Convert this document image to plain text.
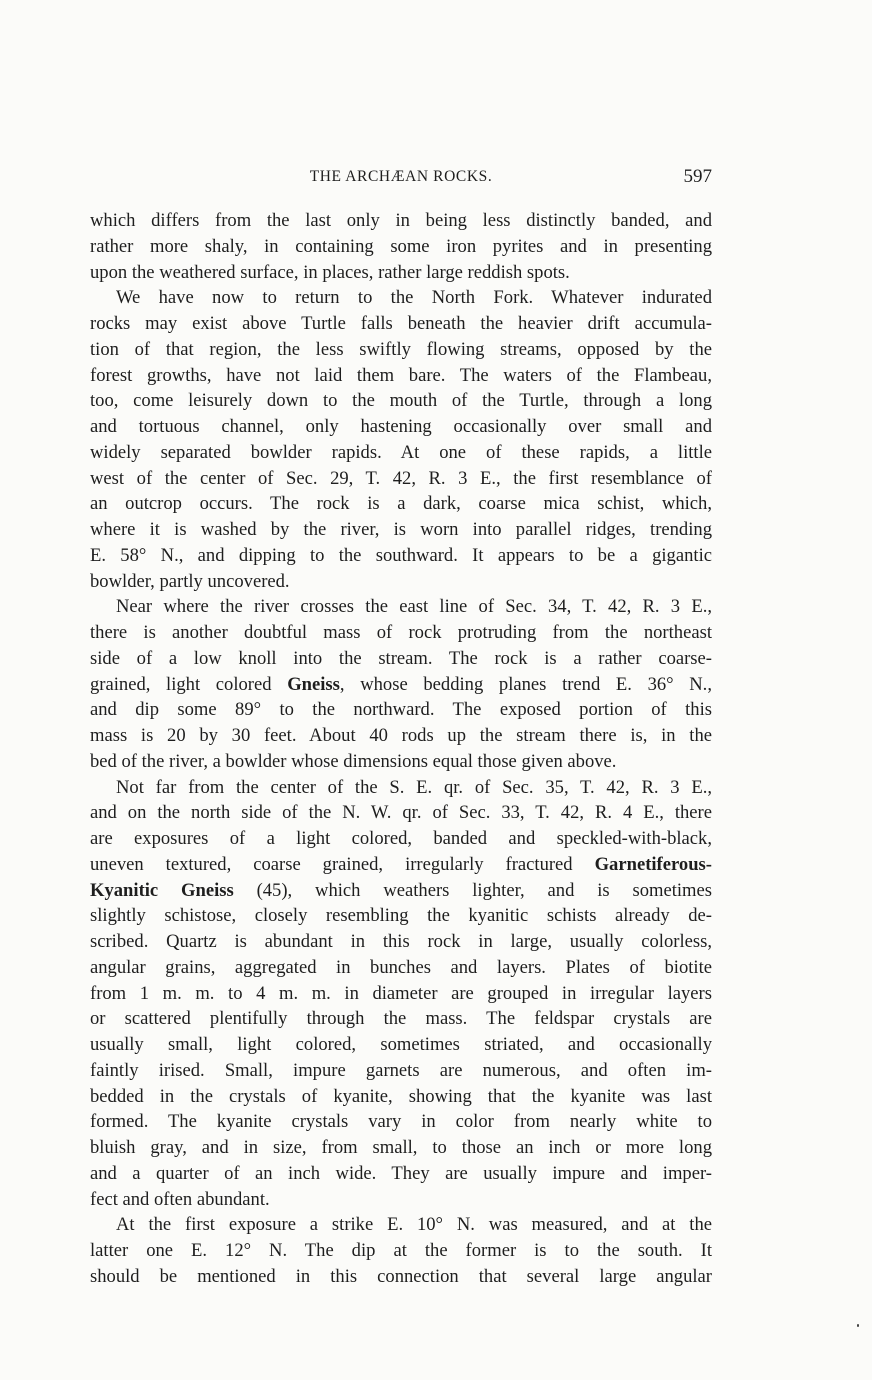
THE ARCHÆAN ROCKS.	597
which differs from the last only in being less distinctly banded, and
rather more shaly, in containing some iron pyrites and in presenting
upon the weathered surface, in places, rather large reddish spots.
We have now to return to the North Fork. Whatever indurated
rocks may exist above Turtle falls beneath the heavier drift accumula-
tion of that region, the less swiftly flowing streams, opposed by the
forest growths, have not laid them bare. The waters of the Flambeau,
too, come leisurely down to the mouth of the Turtle, through a long
and tortuous channel, only hastening occasionally over small and
widely separated bowlder rapids. At one of these rapids, a little
west of the center of Sec. 29, T. 42, R. 3 E., the first resemblance of
an outcrop occurs. The rock is a dark, coarse mica schist, which,
where it is washed by the river, is worn into parallel ridges, trending
E. 58° N., and dipping to the southward. It appears to be a gigantic
bowlder, partly uncovered.
Near where the river crosses the east line of Sec. 34, T. 42, R. 3 E.,
there is another doubtful mass of rock protruding from the northeast
side of a low knoll into the stream. The rock is a rather coarse-
grained, light colored Gneiss, whose bedding planes trend E. 36° N.,
and dip some 89° to the northward. The exposed portion of this
mass is 20 by 30 feet. About 40 rods up the stream there is, in the
bed of the river, a bowlder whose dimensions equal those given above.
Not far from the center of the S. E. qr. of Sec. 35, T. 42, R. 3 E.,
and on the north side of the N. W. qr. of Sec. 33, T. 42, R. 4 E., there
are exposures of a light colored, banded and speckled-with-black,
uneven textured, coarse grained, irregularly fractured Garnetiferous-
Kyanitic Gneiss (45), which weathers lighter, and is sometimes
slightly schistose, closely resembling the kyanitic schists already de-
scribed. Quartz is abundant in this rock in large, usually colorless,
angular grains, aggregated in bunches and layers. Plates of biotite
from 1 m. m. to 4 m. m. in diameter are grouped in irregular layers
or scattered plentifully through the mass. The feldspar crystals are
usually small, light colored, sometimes striated, and occasionally
faintly irised. Small, impure garnets are numerous, and often im-
bedded in the crystals of kyanite, showing that the kyanite was last
formed. The kyanite crystals vary in color from nearly white to
bluish gray, and in size, from small, to those an inch or more long
and a quarter of an inch wide. They are usually impure and imper-
fect and often abundant.
At the first exposure a strike E. 10° N. was measured, and at the
latter one E. 12° N. The dip at the former is to the south. It
should be mentioned in this connection that several large angular
